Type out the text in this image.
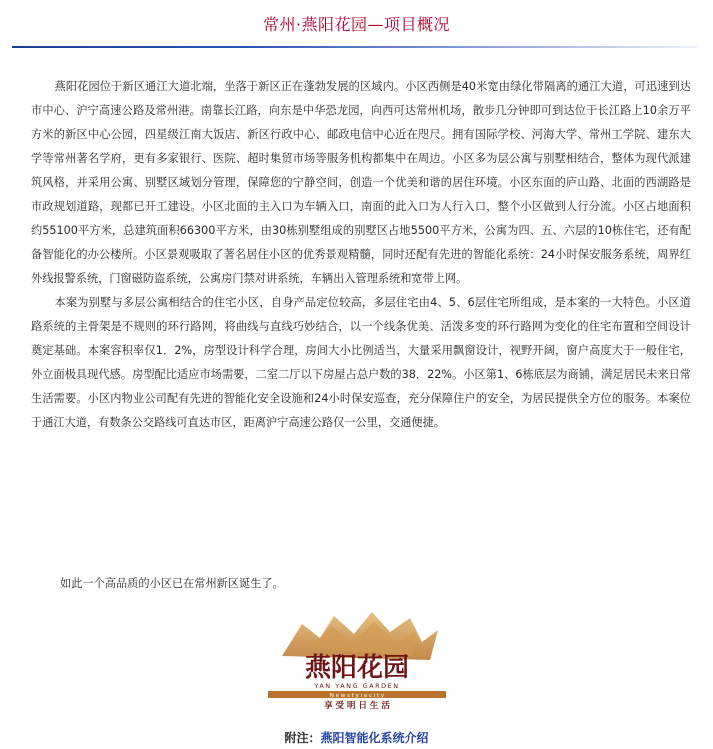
常州·燕阳花园—项目概况

燕阳花园位于新区通江大道北端，坐落于新区正在蓬勃发展的区域内。小区西侧是40米宽由绿化带隔离的通江大道，可迅速到达市中心、沪宁高速公路及常州港。南靠长江路，向东是中华恐龙园，向西可达常州机场，散步几分钟即可到达位于长江路上10余万平方米的新区中心公园，四星级江南大饭店、新区行政中心、邮政电信中心近在咫尺。拥有国际学校、河海大学、常州工学院、建东大学等常州著名学府，更有多家银行、医院、超时集贸市场等服务机构都集中在周边。小区多为层公寓与别墅相结合，整体为现代派建筑风格，并采用公寓、别墅区域划分管理，保障您的宁静空间，创造一个优美和谐的居住环境。小区东面的庐山路、北面的西湖路是市政规划道路，现都已开工建设。小区北面的主入口为车辆入口，南面的此入口为人行入口，整个小区做到人行分流。小区占地面积约55100平方米，总建筑面积66300平方米，由30栋别墅组成的别墅区占地5500平方米，公寓为四、五、六层的10栋住宅，还有配备智能化的办公楼所。小区景观吸取了著名居住小区的优秀景观精髓，同时还配有先进的智能化系统：24小时保安服务系统，周界红外线报警系统，门窗磁防盗系统，公寓房门禁对讲系统，车辆出入管理系统和宽带上网。

本案为别墅与多层公寓相结合的住宅小区，自身产品定位较高，多层住宅由4、5、6层住宅所组成，是本案的一大特色。小区道路系统的主骨架是不规则的环行路网，将曲线与直线巧妙结合，以一个线条优美、活泼多变的环行路网为变化的住宅布置和空间设计奠定基础。本案容积率仅1．2%，房型设计科学合理，房间大小比例适当，大量采用飘窗设计，视野开阔，窗户高度大于一般住宅，外立面极具现代感。房型配比适应市场需要，二室二厅以下房屋占总户数的38．22%。小区第1、6栋底层为商铺，满足居民未来日常生活需要。小区内物业公司配有先进的智能化安全设施和24小时保安巡查，充分保障住户的安全，为居民提供全方位的服务。本案位于通江大道，有数条公交路线可直达市区，距离沪宁高速公路仅一公里，交通便捷。

如此一个高品质的小区已在常州新区诞生了。
燕阳花园
YAN YANG GARDEN
N e w s t y l e c i t y
享 受 明 日 生 活
附注：燕阳智能化系统介绍
